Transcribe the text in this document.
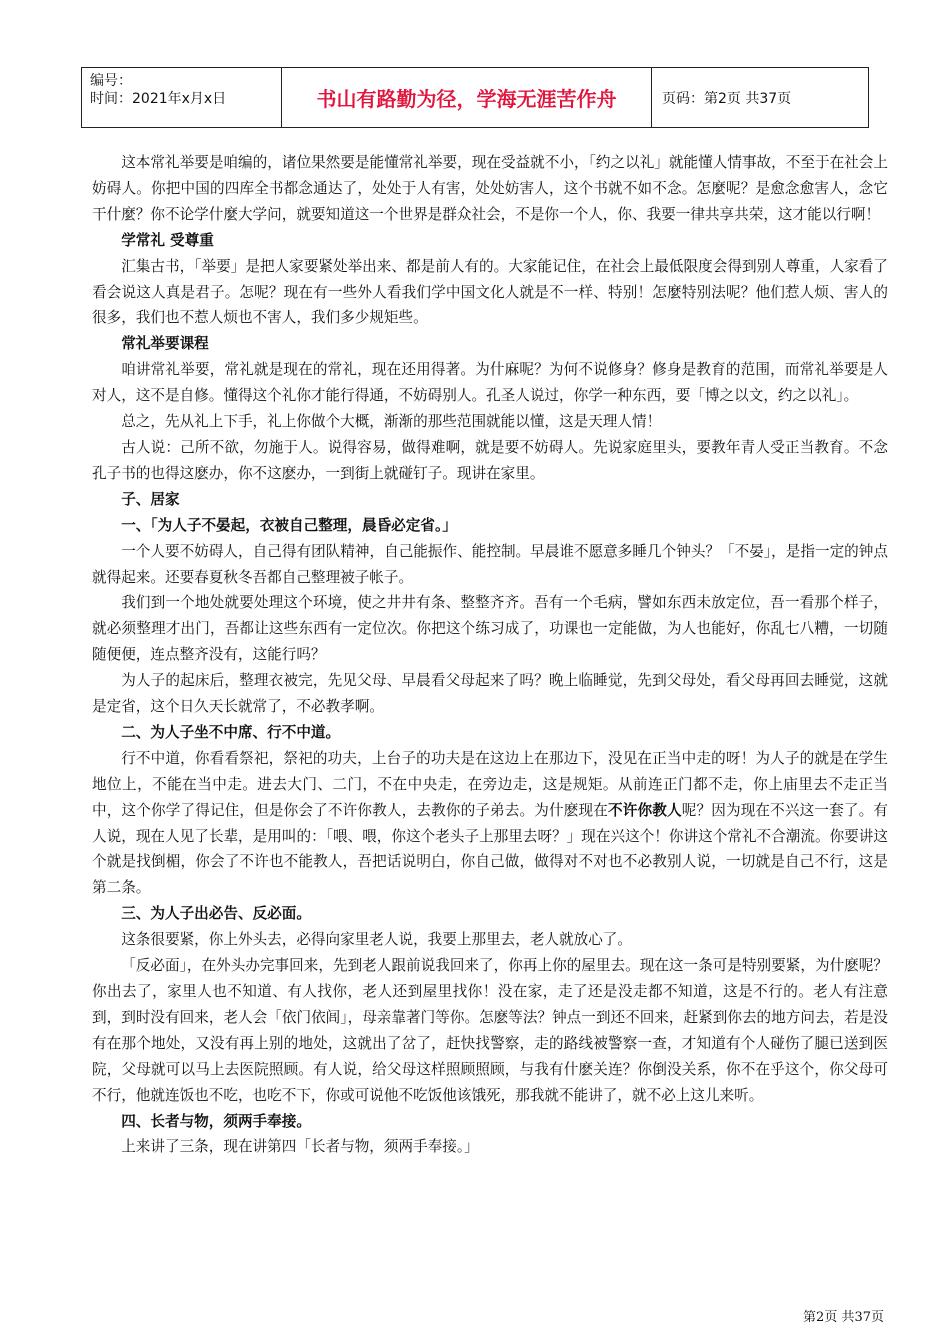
编号：
时间：2021年x月x日	书山有路勤为径，学海无涯苦作舟	页码：第2页 共37页

这本常礼举要是咱编的，诸位果然要是能懂常礼举要，现在受益就不小，「约之以礼」就能懂人情事故，不至于在社会上妨碍人。你把中国的四库全书都念通达了，处处于人有害，处处妨害人，这个书就不如不念。怎麼呢？是愈念愈害人，念它干什麼？你不论学什麼大学问，就要知道这一个世界是群众社会，不是你一个人，你、我要一律共享共荣，这才能以行啊！

学常礼 受尊重

汇集古书，「举要」是把人家要紧处举出来、都是前人有的。大家能记住，在社会上最低限度会得到别人尊重，人家看了看会说这人真是君子。怎呢？现在有一些外人看我们学中国文化人就是不一样、特别！怎麼特别法呢？他们惹人烦、害人的很多，我们也不惹人烦也不害人，我们多少规矩些。

常礼举要课程

咱讲常礼举要，常礼就是现在的常礼，现在还用得著。为什麻呢？为何不说修身？修身是教育的范围，而常礼举要是人对人，这不是自修。懂得这个礼你才能行得通，不妨碍别人。孔圣人说过，你学一种东西，要「博之以文，约之以礼」。

总之，先从礼上下手，礼上你做个大概，渐渐的那些范围就能以懂，这是天理人情！

古人说：己所不欲，勿施于人。说得容易，做得难啊，就是要不妨碍人。先说家庭里头，要教年青人受正当教育。不念孔子书的也得这麽办，你不这麽办，一到街上就碰钉子。现讲在家里。

子、居家

一、「为人子不晏起，衣被自己整理，晨昏必定省。」

一个人要不妨碍人，自己得有团队精神，自己能振作、能控制。早晨谁不愿意多睡几个钟头？「不晏」，是指一定的钟点就得起来。还要春夏秋冬吾都自己整理被子帐子。

我们到一个地处就要处理这个环境，使之井井有条、整整齐齐。吾有一个毛病，譬如东西未放定位，吾一看那个样子，就必须整理才出门，吾都让这些东西有一定位次。你把这个练习成了，功课也一定能做，为人也能好，你乱七八糟，一切随随便便，连点整齐没有，这能行吗？

为人子的起床后，整理衣被完，先见父母、早晨看父母起来了吗？晚上临睡觉，先到父母处，看父母再回去睡觉，这就是定省，这个日久天长就常了，不必教孝啊。

二、为人子坐不中席、行不中道。

行不中道，你看看祭祀，祭祀的功夫，上台子的功夫是在这边上在那边下，没见在正当中走的呀！为人子的就是在学生地位上，不能在当中走。进去大门、二门，不在中央走，在旁边走，这是规矩。从前连正门都不走，你上庙里去不走正当中，这个你学了得记住，但是你会了不许你教人，去教你的子弟去。为什麽现在不许你教人呢？因为现在不兴这一套了。有人说，现在人见了长辈，是用叫的：「喂、喂，你这个老头子上那里去呀？」现在兴这个！你讲这个常礼不合潮流。你要讲这个就是找倒楣，你会了不许也不能教人，吾把话说明白，你自己做，做得对不对也不必教别人说，一切就是自己不行，这是第二条。

三、为人子出必告、反必面。

这条很要紧，你上外头去，必得向家里老人说，我要上那里去，老人就放心了。

「反必面」，在外头办完事回来，先到老人跟前说我回来了，你再上你的屋里去。现在这一条可是特别要紧，为什麽呢？你出去了，家里人也不知道、有人找你，老人还到屋里找你！没在家，走了还是没走都不知道，这是不行的。老人有注意到，到时没有回来，老人会「依门依闾」，母亲靠著门等你。怎麽等法？钟点一到还不回来，赶紧到你去的地方问去，若是没有在那个地处，又没有再上别的地处，这就出了岔了，赶快找警察，走的路线被警察一查，才知道有个人碰伤了腿已送到医院，父母就可以马上去医院照顾。有人说，给父母这样照顾照顾，与我有什麽关连？你倒没关系，你不在乎这个，你父母可不行，他就连饭也不吃，也吃不下，你或可说他不吃饭他该饿死，那我就不能讲了，就不必上这儿来听。

四、长者与物，须两手奉接。

上来讲了三条，现在讲第四「长者与物，须两手奉接。」

第2页 共37页
